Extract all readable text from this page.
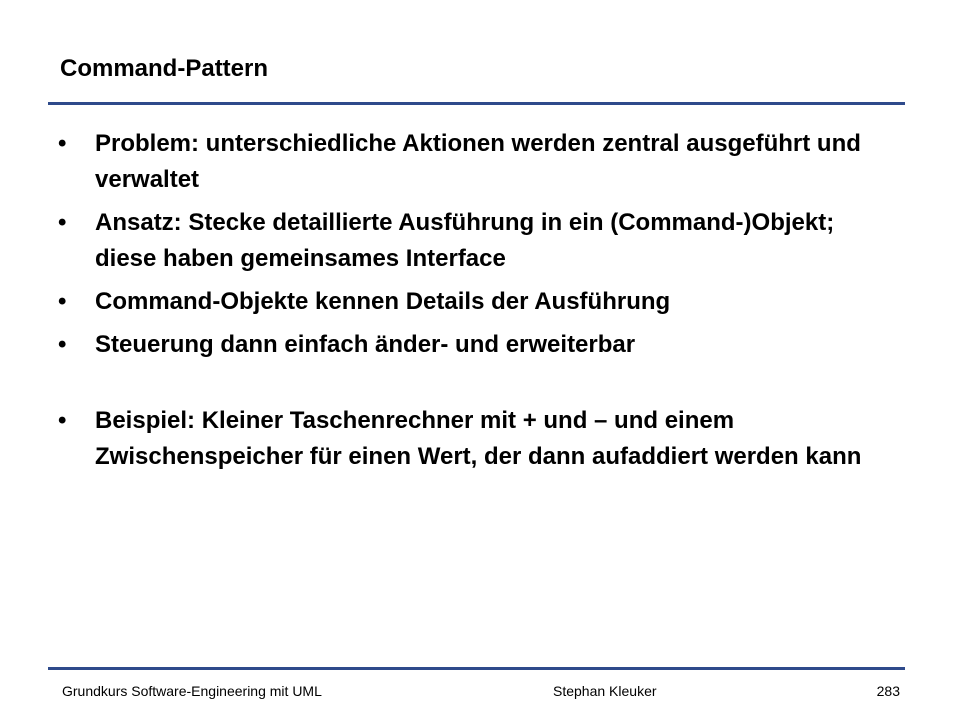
Command-Pattern
•	Problem: unterschiedliche Aktionen werden zentral ausgeführt und verwaltet
•	Ansatz: Stecke detaillierte Ausführung in ein (Command-)Objekt; diese haben gemeinsames Interface
•	Command-Objekte kennen Details der Ausführung
•	Steuerung dann einfach änder- und erweiterbar
•	Beispiel: Kleiner Taschenrechner mit + und – und einem Zwischenspeicher für einen Wert, der dann aufaddiert werden kann
Grundkurs Software-Engineering mit UML	Stephan Kleuker	283
